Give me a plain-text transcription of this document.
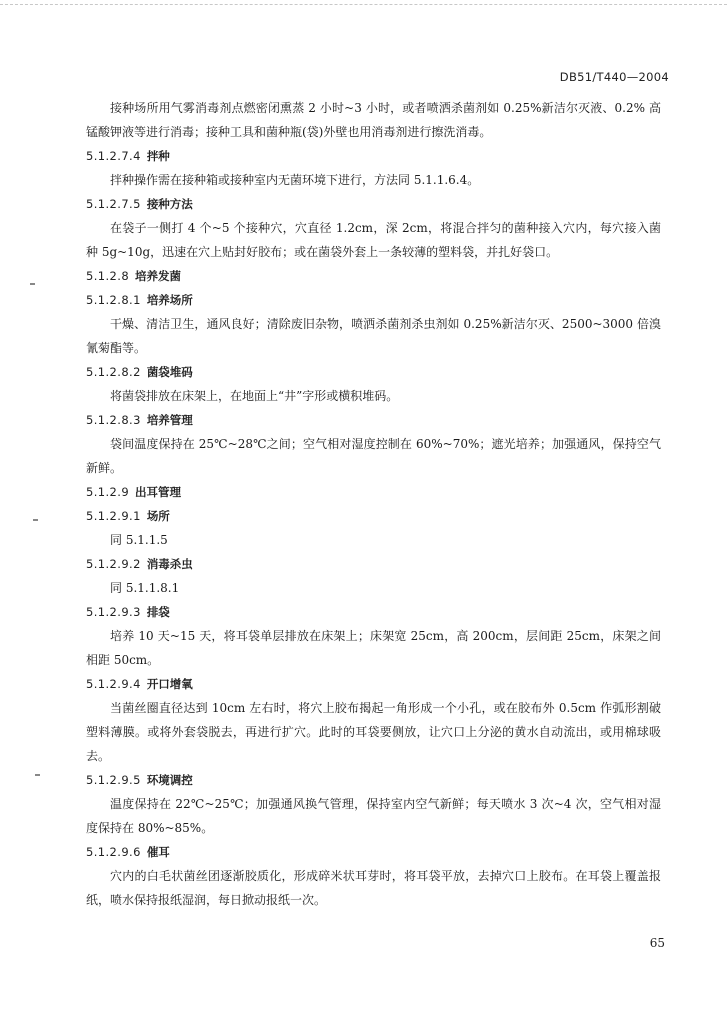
DB51/T440—2004

接种场所用气雾消毒剂点燃密闭熏蒸 2 小时~3 小时，或者喷洒杀菌剂如 0.25%新洁尔灭液、0.2% 高锰酸钾液等进行消毒；接种工具和菌种瓶(袋)外壁也用消毒剂进行擦洗消毒。

5.1.2.7.4 拌种

拌种操作需在接种箱或接种室内无菌环境下进行，方法同 5.1.1.6.4。

5.1.2.7.5 接种方法

在袋子一侧打 4 个~5 个接种穴，穴直径 1.2cm，深 2cm，将混合拌匀的菌种接入穴内，每穴接入菌种 5g~10g，迅速在穴上贴封好胶布；或在菌袋外套上一条较薄的塑料袋，并扎好袋口。

5.1.2.8 培养发菌
5.1.2.8.1 培养场所

干燥、清洁卫生，通风良好；清除废旧杂物，喷洒杀菌剂杀虫剂如 0.25%新洁尔灭、2500~3000 倍溴氰菊酯等。

5.1.2.8.2 菌袋堆码

将菌袋排放在床架上，在地面上“井”字形或横积堆码。

5.1.2.8.3 培养管理

袋间温度保持在 25℃~28℃之间；空气相对湿度控制在 60%~70%；遮光培养；加强通风，保持空气新鲜。

5.1.2.9 出耳管理
5.1.2.9.1 场所

同 5.1.1.5

5.1.2.9.2 消毒杀虫

同 5.1.1.8.1

5.1.2.9.3 排袋

培养 10 天~15 天，将耳袋单层排放在床架上；床架宽 25cm，高 200cm，层间距 25cm，床架之间相距 50cm。

5.1.2.9.4 开口增氧

当菌丝圈直径达到 10cm 左右时，将穴上胶布揭起一角形成一个小孔，或在胶布外 0.5cm 作弧形割破塑料薄膜。或将外套袋脱去，再进行扩穴。此时的耳袋要侧放，让穴口上分泌的黄水自动流出，或用棉球吸去。

5.1.2.9.5 环境调控

温度保持在 22℃~25℃；加强通风换气管理，保持室内空气新鲜；每天喷水 3 次~4 次，空气相对湿度保持在 80%~85%。

5.1.2.9.6 催耳

穴内的白毛状菌丝团逐渐胶质化，形成碎米状耳芽时，将耳袋平放，去掉穴口上胶布。在耳袋上覆盖报纸，喷水保持报纸湿润，每日掀动报纸一次。

65
